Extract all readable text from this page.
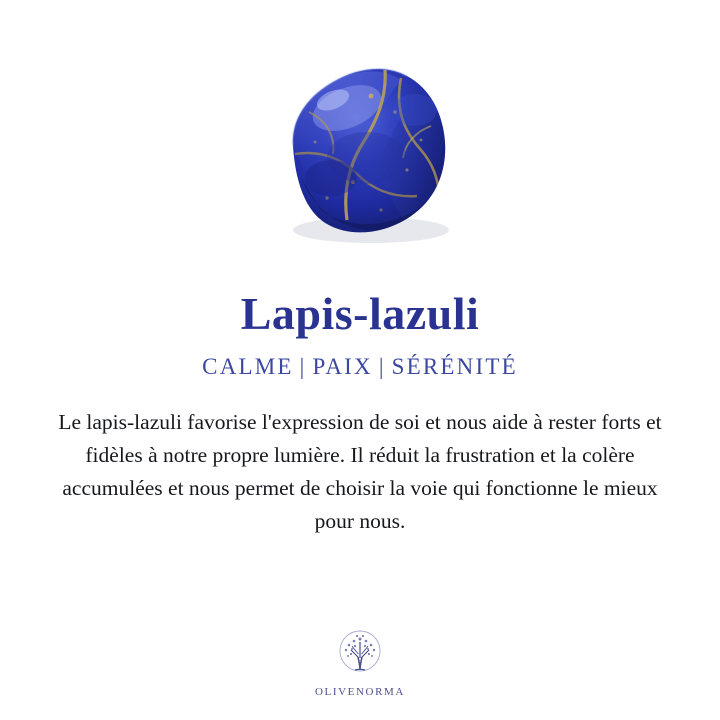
Lapis-lazuli
CALME | PAIX | SÉRÉNITÉ

Le lapis-lazuli favorise l'expression de soi et nous aide à rester forts et fidèles à notre propre lumière. Il réduit la frustration et la colère accumulées et nous permet de choisir la voie qui fonctionne le mieux pour nous.

OLIVENORMA
